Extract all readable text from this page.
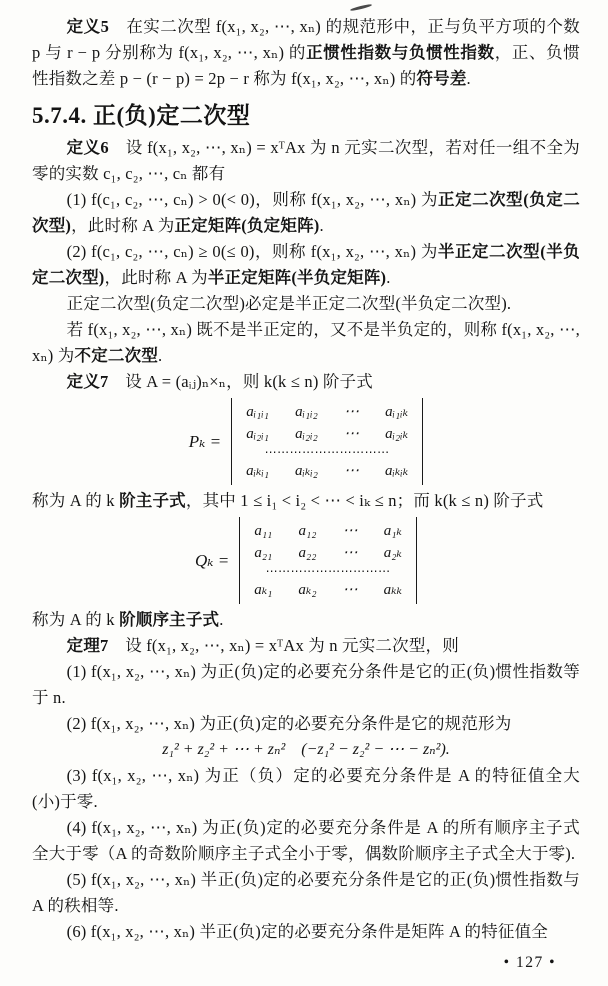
定义5　在实二次型 f(x₁, x₂, ⋯, xₙ) 的规范形中，正与负平方项的个数 p 与 r − p 分别称为 f(x₁, x₂, ⋯, xₙ) 的正惯性指数与负惯性指数，正、负惯性指数之差 p − (r − p) = 2p − r 称为 f(x₁, x₂, ⋯, xₙ) 的符号差.

5.7.4. 正(负)定二次型

定义6　设 f(x₁, x₂, ⋯, xₙ) = xᵀAx 为 n 元实二次型，若对任一组不全为零的实数 c₁, c₂, ⋯, cₙ 都有

(1) f(c₁, c₂, ⋯, cₙ) > 0(< 0)，则称 f(x₁, x₂, ⋯, xₙ) 为正定二次型(负定二次型)，此时称 A 为正定矩阵(负定矩阵).

(2) f(c₁, c₂, ⋯, cₙ) ≥ 0(≤ 0)，则称 f(x₁, x₂, ⋯, xₙ) 为半正定二次型(半负定二次型)，此时称 A 为半正定矩阵(半负定矩阵).

正定二次型(负定二次型)必定是半正定二次型(半负定二次型).

若 f(x₁, x₂, ⋯, xₙ) 既不是半正定的，又不是半负定的，则称 f(x₁, x₂, ⋯, xₙ) 为不定二次型.

定义7　设 A = (aᵢⱼ)ₙ×ₙ，则 k(k ≤ n) 阶子式

Pₖ =
aᵢ₁ᵢ₁ aᵢ₁ᵢ₂ ⋯ aᵢ₁ᵢₖ
aᵢ₂ᵢ₁ aᵢ₂ᵢ₂ ⋯ aᵢ₂ᵢₖ
⋯⋯⋯⋯⋯⋯⋯⋯⋯⋯
aᵢₖᵢ₁ aᵢₖᵢ₂ ⋯ aᵢₖᵢₖ

称为 A 的 k 阶主子式，其中 1 ≤ i₁ < i₂ < ⋯ < iₖ ≤ n；而 k(k ≤ n) 阶子式

Qₖ =
a₁₁ a₁₂ ⋯ a₁ₖ
a₂₁ a₂₂ ⋯ a₂ₖ
⋯⋯⋯⋯⋯⋯⋯⋯⋯⋯
aₖ₁ aₖ₂ ⋯ aₖₖ

称为 A 的 k 阶顺序主子式.

定理7　设 f(x₁, x₂, ⋯, xₙ) = xᵀAx 为 n 元实二次型，则

(1) f(x₁, x₂, ⋯, xₙ) 为正(负)定的必要充分条件是它的正(负)惯性指数等于 n.

(2) f(x₁, x₂, ⋯, xₙ) 为正(负)定的必要充分条件是它的规范形为

z₁² + z₂² + ⋯ + zₙ²　(−z₁² − z₂² − ⋯ − zₙ²).

(3) f(x₁, x₂, ⋯, xₙ) 为正（负）定的必要充分条件是 A 的特征值全大(小)于零.

(4) f(x₁, x₂, ⋯, xₙ) 为正(负)定的必要充分条件是 A 的所有顺序主子式全大于零（A 的奇数阶顺序主子式全小于零，偶数阶顺序主子式全大于零).

(5) f(x₁, x₂, ⋯, xₙ) 半正(负)定的必要充分条件是它的正(负)惯性指数与 A 的秩相等.

(6) f(x₁, x₂, ⋯, xₙ) 半正(负)定的必要充分条件是矩阵 A 的特征值全

• 127 •
